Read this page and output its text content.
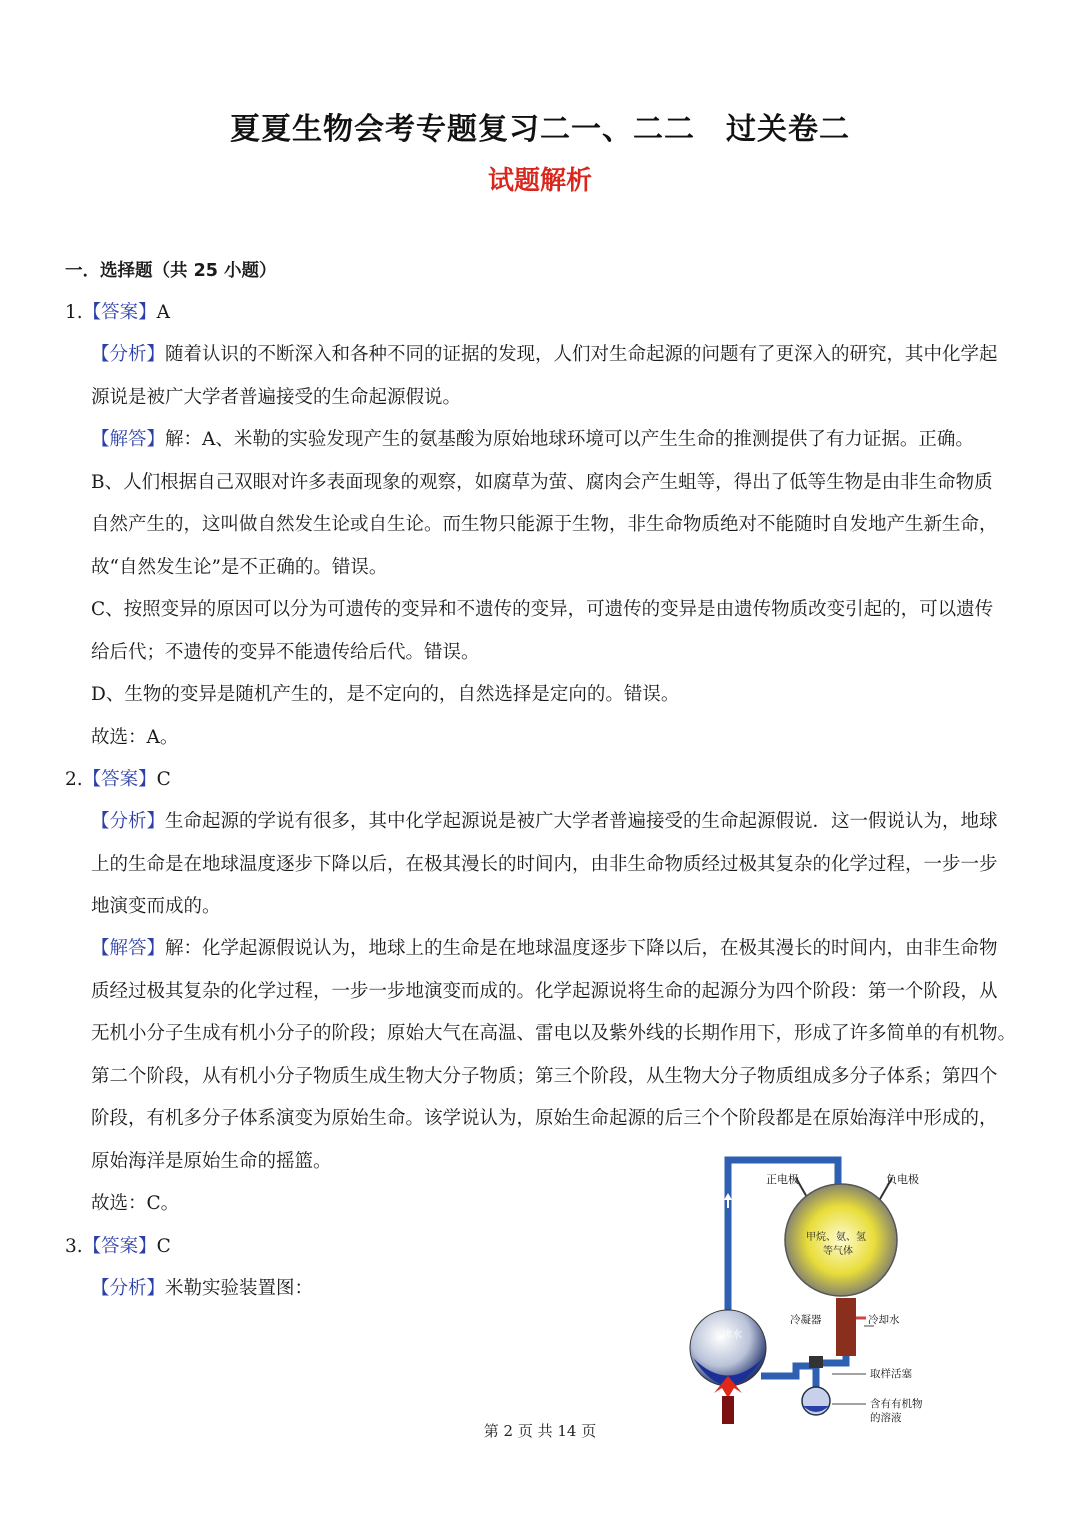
夏夏生物会考专题复习二一、二二　过关卷二
试题解析
一．选择题（共 25 小题）
1.【答案】A
【分析】随着认识的不断深入和各种不同的证据的发现，人们对生命起源的问题有了更深入的研究，其中化学起
源说是被广大学者普遍接受的生命起源假说。
【解答】解：A、米勒的实验发现产生的氨基酸为原始地球环境可以产生生命的推测提供了有力证据。正确。
B、人们根据自己双眼对许多表面现象的观察，如腐草为萤、腐肉会产生蛆等，得出了低等生物是由非生命物质
自然产生的，这叫做自然发生论或自生论。而生物只能源于生物，非生命物质绝对不能随时自发地产生新生命，
故“自然发生论”是不正确的。错误。
C、按照变异的原因可以分为可遗传的变异和不遗传的变异，可遗传的变异是由遗传物质改变引起的，可以遗传
给后代；不遗传的变异不能遗传给后代。错误。
D、生物的变异是随机产生的，是不定向的，自然选择是定向的。错误。
故选：A。
2.【答案】C
【分析】生命起源的学说有很多，其中化学起源说是被广大学者普遍接受的生命起源假说．这一假说认为，地球
上的生命是在地球温度逐步下降以后，在极其漫长的时间内，由非生命物质经过极其复杂的化学过程，一步一步
地演变而成的。
【解答】解：化学起源假说认为，地球上的生命是在地球温度逐步下降以后，在极其漫长的时间内，由非生命物
质经过极其复杂的化学过程，一步一步地演变而成的。化学起源说将生命的起源分为四个阶段：第一个阶段，从
无机小分子生成有机小分子的阶段；原始大气在高温、雷电以及紫外线的长期作用下，形成了许多简单的有机物。
第二个阶段，从有机小分子物质生成生物大分子物质；第三个阶段，从生物大分子物质组成多分子体系；第四个
阶段，有机多分子体系演变为原始生命。该学说认为，原始生命起源的后三个个阶段都是在原始海洋中形成的，
原始海洋是原始生命的摇篮。
故选：C。
3.【答案】C
【分析】米勒实验装置图：
正电极	负电极
甲烷、氨、氢
等气体
冷凝器	冷却水
沸水
取样活塞
含有有机物
的溶液
第 2 页 共 14 页
